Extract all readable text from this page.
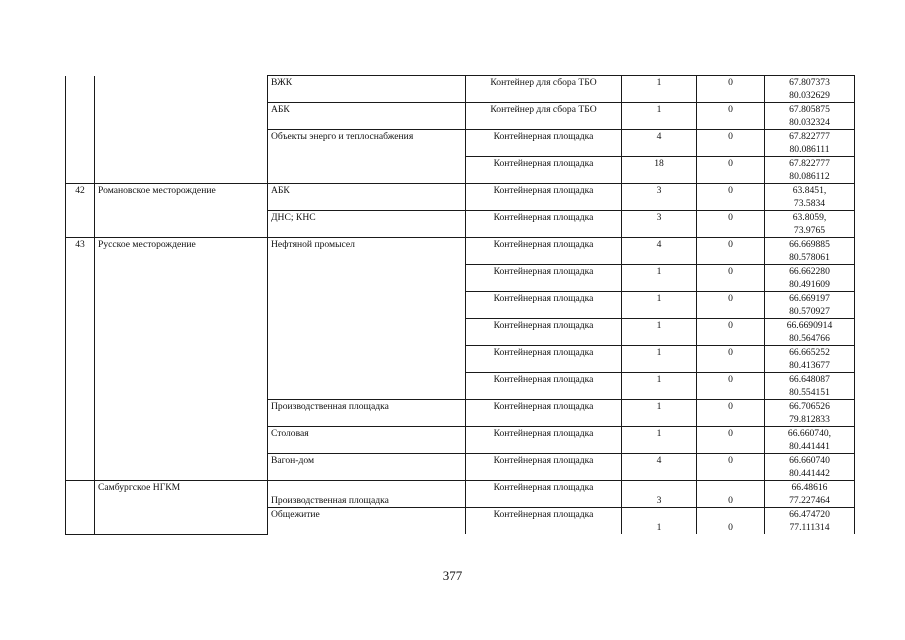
		ВЖК	Контейнер для сбора ТБО	1	0	67.807373
80.032629

		АБК	Контейнер для сбора ТБО	1	0	67.805875
80.032324

		Объекты энерго и теплоснабжения	Контейнерная площадка	4	0	67.822777
80.086111

			Контейнерная площадка	18	0	67.822777
80.086112

42	Романовское месторождение	АБК	Контейнерная площадка	3	0	63.8451,
73.5834

		ДНС; КНС	Контейнерная площадка	3	0	63.8059,
73.9765

43	Русское месторождение	Нефтяной промысел	Контейнерная площадка	4	0	66.669885
80.578061

			Контейнерная площадка	1	0	66.662280
80.491609

			Контейнерная площадка	1	0	66.669197
80.570927

			Контейнерная площадка	1	0	66.6690914
80.564766

			Контейнерная площадка	1	0	66.665252
80.413677

			Контейнерная площадка	1	0	66.648087
80.554151

		Производственная площадка	Контейнерная площадка	1	0	66.706526
79.812833

		Столовая	Контейнерная площадка	1	0	66.660740,
80.441441

		Вагон-дом	Контейнерная площадка	4	0	66.660740
80.441442

	Самбургское НГКМ	Производственная площадка	Контейнерная площадка	3	0	66.48616
77.227464

		Общежитие	Контейнерная площадка	1	0	66.474720
77.111314
377
